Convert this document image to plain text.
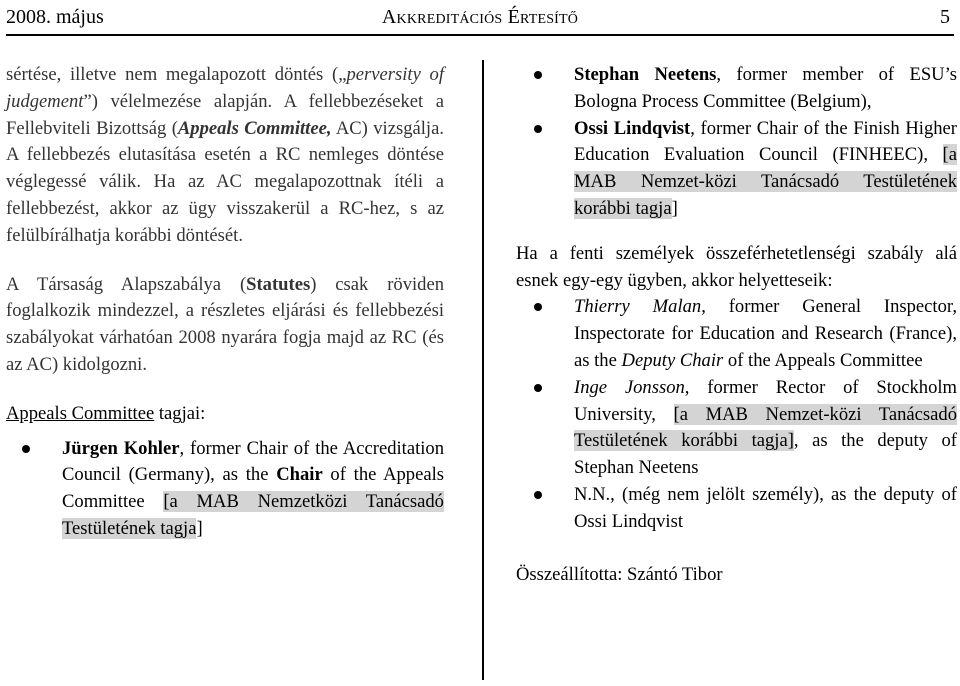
2008. május	Akkreditációs Értesítő	5

sértése, illetve nem megalapozott döntés („perversity of judgement”) vélelmezése alapján. A fellebbezéseket a Fellebviteli Bizottság (Appeals Committee, AC) vizsgálja. A fellebbezés elutasítása esetén a RC nemleges döntése véglegessé válik. Ha az AC megalapozottnak ítéli a fellebbezést, akkor az ügy visszakerül a RC-hez, s az felülbírálhatja korábbi döntését.

A Társaság Alapszabálya (Statutes) csak röviden foglalkozik mindezzel, a részletes eljárási és fellebbezési szabályokat várhatóan 2008 nyarára fogja majd az RC (és az AC) kidolgozni.

Appeals Committee tagjai:

Jürgen Kohler, former Chair of the Accreditation Council (Germany), as the Chair of the Appeals Committee [a MAB Nemzetközi Tanácsadó Testületének tagja]
Stephan Neetens, former member of ESU’s Bologna Process Committee (Belgium),
Ossi Lindqvist, former Chair of the Finish Higher Education Evaluation Council (FINHEEC), [a MAB Nemzet-közi Tanácsadó Testületének korábbi tagja]

Ha a fenti személyek összeférhetetlenségi szabály alá esnek egy-egy ügyben, akkor helyetteseik:

Thierry Malan, former General Inspector, Inspectorate for Education and Research (France), as the Deputy Chair of the Appeals Committee
Inge Jonsson, former Rector of Stockholm University, [a MAB Nemzet-közi Tanácsadó Testületének korábbi tagja], as the deputy of Stephan Neetens
N.N., (még nem jelölt személy), as the deputy of Ossi Lindqvist

Összeállította: Szántó Tibor
